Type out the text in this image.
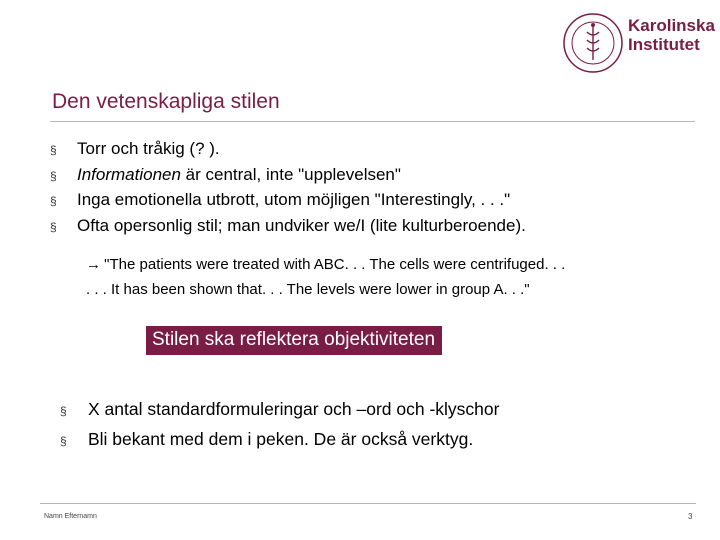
Karolinska
Institutet
Den vetenskapliga stilen
§	Torr och tråkig (? ).
§	Informationen är central, inte "upplevelsen"
§	Inga emotionella utbrott, utom möjligen "Interestingly, . . ."
§	Ofta opersonlig stil; man undviker we/I (lite kulturberoende).
→ "The patients were treated with ABC. . . The cells were centrifuged. . .
. . . It has been shown that. . . The levels were lower in group A. . ."
Stilen ska reflektera objektiviteten
§	X antal standardformuleringar och –ord och -klyschor
§	Bli bekant med dem i peken. De är också verktyg.
Namn Efternamn	3
